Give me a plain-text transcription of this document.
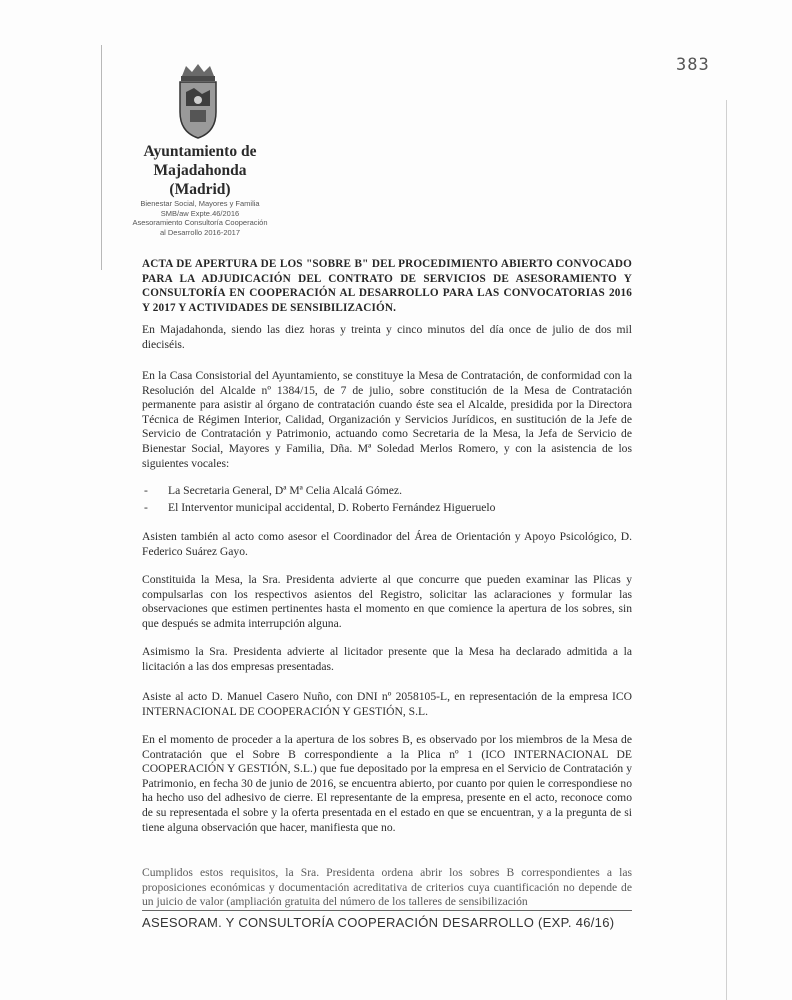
383
Ayuntamiento de
Majadahonda
(Madrid)
Bienestar Social, Mayores y Familia
SMB/aw Expte.46/2016
Asesoramiento Consultoría Cooperación
al Desarrollo 2016-2017
ACTA DE APERTURA DE LOS "SOBRE B" DEL PROCEDIMIENTO ABIERTO CONVOCADO PARA LA ADJUDICACIÓN DEL CONTRATO DE SERVICIOS DE ASESORAMIENTO Y CONSULTORÍA EN COOPERACIÓN AL DESARROLLO PARA LAS CONVOCATORIAS 2016 Y 2017 Y ACTIVIDADES DE SENSIBILIZACIÓN.
En Majadahonda, siendo las diez horas y treinta y cinco minutos del día once de julio de dos mil dieciséis.
En la Casa Consistorial del Ayuntamiento, se constituye la Mesa de Contratación, de conformidad con la Resolución del Alcalde nº 1384/15, de 7 de julio, sobre constitución de la Mesa de Contratación permanente para asistir al órgano de contratación cuando éste sea el Alcalde, presidida por la Directora Técnica de Régimen Interior, Calidad, Organización y Servicios Jurídicos, en sustitución de la Jefe de Servicio de Contratación y Patrimonio, actuando como Secretaria de la Mesa, la Jefa de Servicio de Bienestar Social, Mayores y Familia, Dña. Mª Soledad Merlos Romero, y con la asistencia de los siguientes vocales:
- La Secretaria General, Dª Mª Celia Alcalá Gómez.
- El Interventor municipal accidental, D. Roberto Fernández Higueruelo
Asisten también al acto como asesor el Coordinador del Área de Orientación y Apoyo Psicológico, D. Federico Suárez Gayo.
Constituida la Mesa, la Sra. Presidenta advierte al que concurre que pueden examinar las Plicas y compulsarlas con los respectivos asientos del Registro, solicitar las aclaraciones y formular las observaciones que estimen pertinentes hasta el momento en que comience la apertura de los sobres, sin que después se admita interrupción alguna.
Asimismo la Sra. Presidenta advierte al licitador presente que la Mesa ha declarado admitida a la licitación a las dos empresas presentadas.
Asiste al acto D. Manuel Casero Nuño, con DNI nº 2058105-L, en representación de la empresa ICO INTERNACIONAL DE COOPERACIÓN Y GESTIÓN, S.L.
En el momento de proceder a la apertura de los sobres B, es observado por los miembros de la Mesa de Contratación que el Sobre B correspondiente a la Plica nº 1 (ICO INTERNACIONAL DE COOPERACIÓN Y GESTIÓN, S.L.) que fue depositado por la empresa en el Servicio de Contratación y Patrimonio, en fecha 30 de junio de 2016, se encuentra abierto, por cuanto por quien le correspondiese no ha hecho uso del adhesivo de cierre. El representante de la empresa, presente en el acto, reconoce como de su representada el sobre y la oferta presentada en el estado en que se encuentran, y a la pregunta de si tiene alguna observación que hacer, manifiesta que no.
Cumplidos estos requisitos, la Sra. Presidenta ordena abrir los sobres B correspondientes a las proposiciones económicas y documentación acreditativa de criterios cuya cuantificación no depende de un juicio de valor (ampliación gratuita del número de los talleres de sensibilización
ASESORAM. Y CONSULTORÍA COOPERACIÓN DESARROLLO (EXP. 46/16)
